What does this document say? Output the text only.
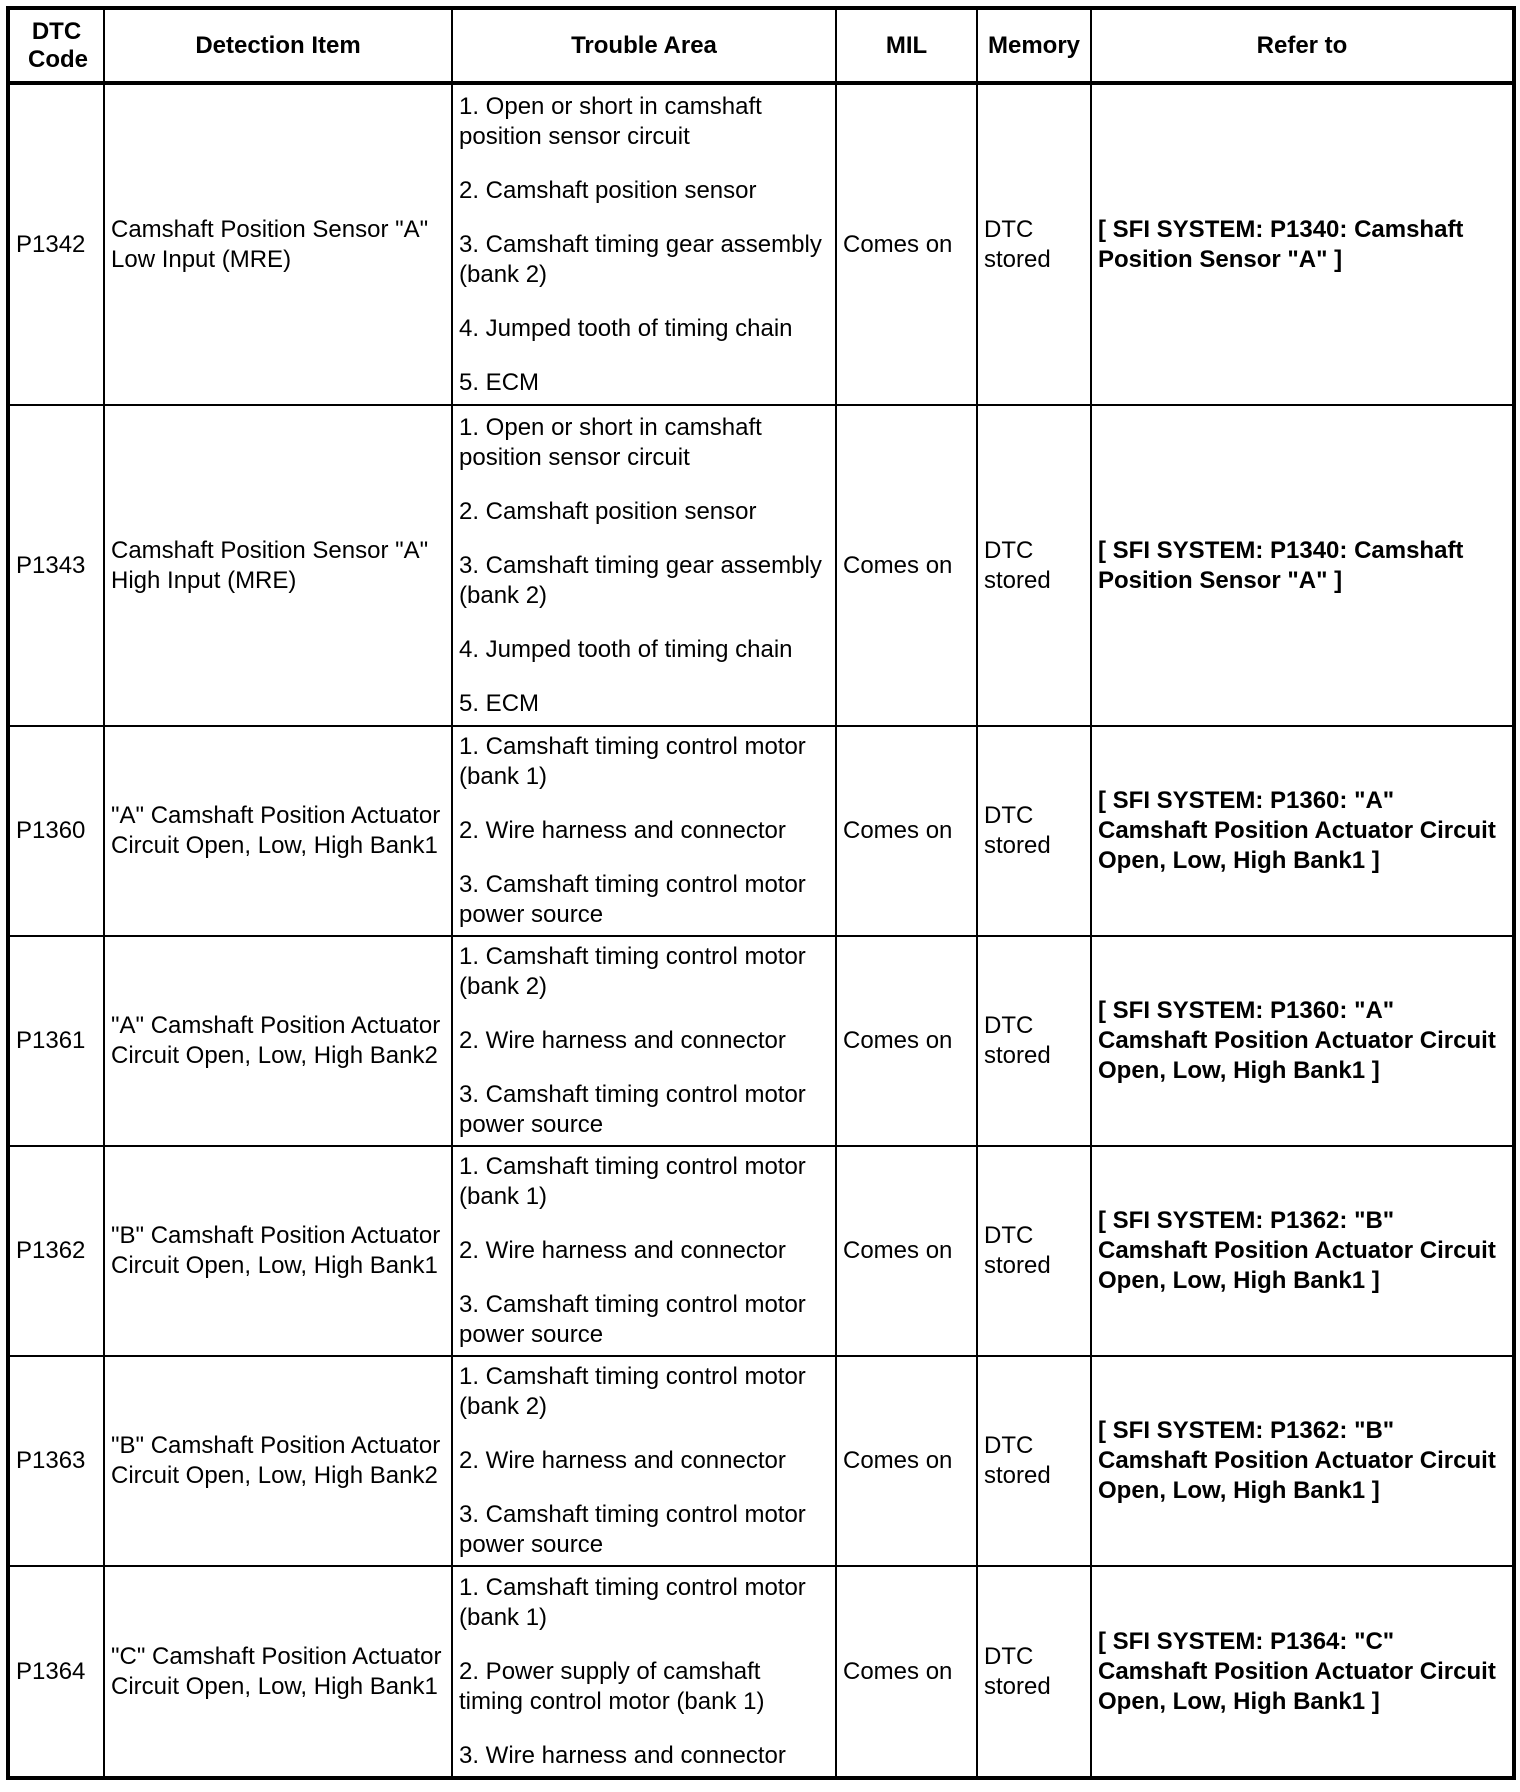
DTC Code	Detection Item	Trouble Area	MIL	Memory	Refer to
P1342	Camshaft Position Sensor "A" Low Input (MRE)	1. Open or short in camshaft position sensor circuit

2. Camshaft position sensor

3. Camshaft timing gear assembly (bank 2)

4. Jumped tooth of timing chain

5. ECM	Comes on	DTC stored	[ SFI SYSTEM: P1340: Camshaft Position Sensor "A" ]
P1343	Camshaft Position Sensor "A" High Input (MRE)	1. Open or short in camshaft position sensor circuit

2. Camshaft position sensor

3. Camshaft timing gear assembly (bank 2)

4. Jumped tooth of timing chain

5. ECM	Comes on	DTC stored	[ SFI SYSTEM: P1340: Camshaft Position Sensor "A" ]
P1360	"A" Camshaft Position Actuator Circuit Open, Low, High Bank1	1. Camshaft timing control motor (bank 1)

2. Wire harness and connector

3. Camshaft timing control motor power source	Comes on	DTC stored	[ SFI SYSTEM: P1360: "A" Camshaft Position Actuator Circuit Open, Low, High Bank1 ]
P1361	"A" Camshaft Position Actuator Circuit Open, Low, High Bank2	1. Camshaft timing control motor (bank 2)

2. Wire harness and connector

3. Camshaft timing control motor power source	Comes on	DTC stored	[ SFI SYSTEM: P1360: "A" Camshaft Position Actuator Circuit Open, Low, High Bank1 ]
P1362	"B" Camshaft Position Actuator Circuit Open, Low, High Bank1	1. Camshaft timing control motor (bank 1)

2. Wire harness and connector

3. Camshaft timing control motor power source	Comes on	DTC stored	[ SFI SYSTEM: P1362: "B" Camshaft Position Actuator Circuit Open, Low, High Bank1 ]
P1363	"B" Camshaft Position Actuator Circuit Open, Low, High Bank2	1. Camshaft timing control motor (bank 2)

2. Wire harness and connector

3. Camshaft timing control motor power source	Comes on	DTC stored	[ SFI SYSTEM: P1362: "B" Camshaft Position Actuator Circuit Open, Low, High Bank1 ]
P1364	"C" Camshaft Position Actuator Circuit Open, Low, High Bank1	1. Camshaft timing control motor (bank 1)

2. Power supply of camshaft timing control motor (bank 1)

3. Wire harness and connector	Comes on	DTC stored	[ SFI SYSTEM: P1364: "C" Camshaft Position Actuator Circuit Open, Low, High Bank1 ]
